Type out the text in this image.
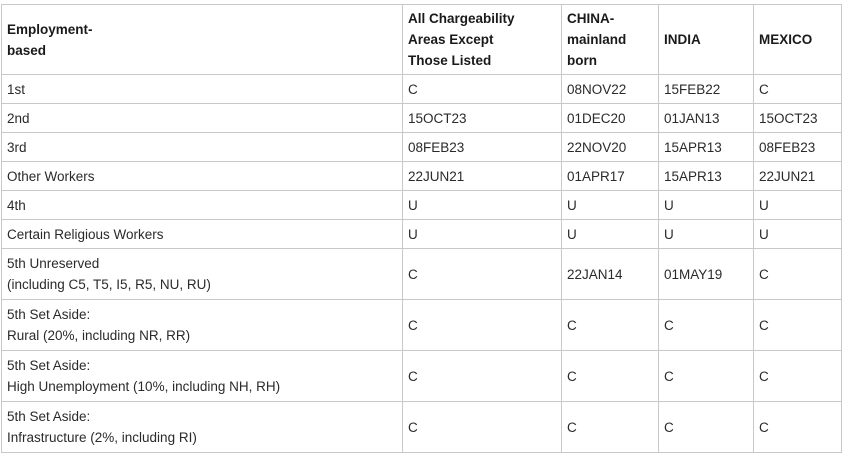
Employment-
based	All Chargeability
Areas Except
Those Listed	CHINA-
mainland
born	INDIA	MEXICO

1st	C	08NOV22	15FEB22	C

2nd	15OCT23	01DEC20	01JAN13	15OCT23

3rd	08FEB23	22NOV20	15APR13	08FEB23

Other Workers	22JUN21	01APR17	15APR13	22JUN21

4th	U	U	U	U

Certain Religious Workers	U	U	U	U

5th Unreserved
(including C5, T5, I5, R5, NU, RU)	C	22JAN14	01MAY19	C

5th Set Aside:
Rural (20%, including NR, RR)	C	C	C	C

5th Set Aside:
High Unemployment (10%, including NH, RH)	C	C	C	C

5th Set Aside:
Infrastructure (2%, including RI)	C	C	C	C
